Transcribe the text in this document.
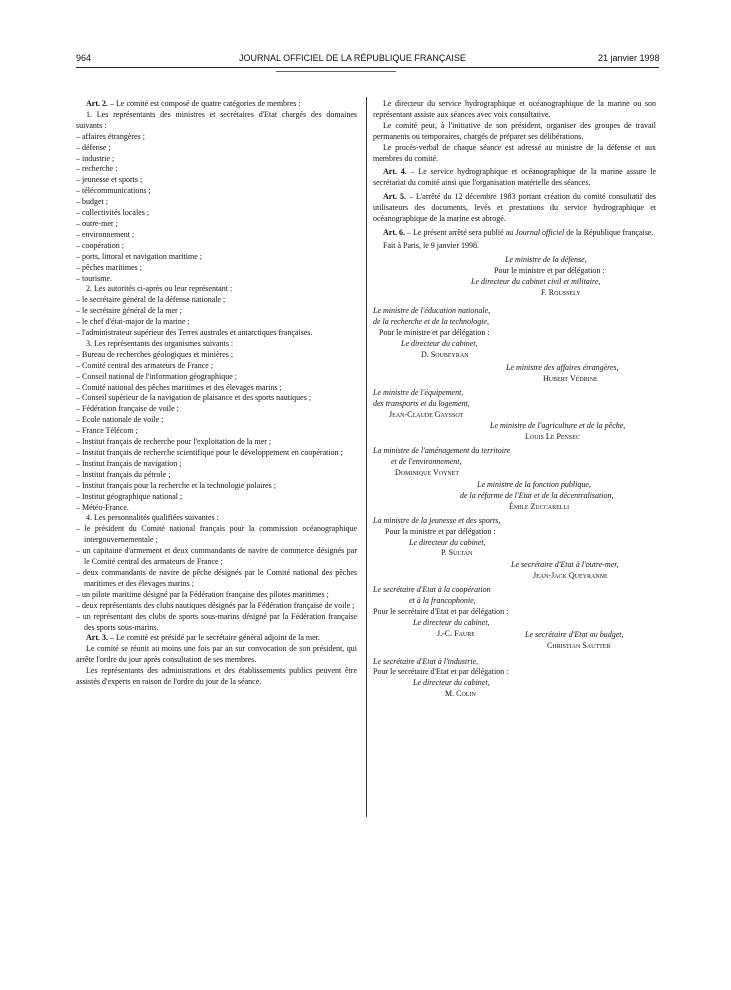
964	JOURNAL OFFICIEL DE LA RÉPUBLIQUE FRANÇAISE	21 janvier 1998

Art. 2. – Le comité est composé de quatre catégories de membres :

1. Les représentants des ministres et secrétaires d'Etat chargés des domaines suivants :

– affaires étrangères ;

– défense ;

– industrie ;

– recherche ;

– jeunesse et sports ;

– télécommunications ;

– budget ;

– collectivités locales ;

– outre-mer ;

– environnement ;

– coopération ;

– ports, littoral et navigation maritime ;

– pêches maritimes ;

– tourisme.

2. Les autorités ci-après ou leur représentant :

– le secrétaire général de la défense nationale ;

– le secrétaire général de la mer ;

– le chef d'état-major de la marine ;

– l'administrateur supérieur des Terres australes et antarctiques françaises.

3. Les représentants des organismes suivants :

– Bureau de recherches géologiques et minières ;

– Comité central des armateurs de France ;

– Conseil national de l'information géographique ;

– Comité national des pêches maritimes et des élevages marins ;

– Conseil supérieur de la navigation de plaisance et des sports nautiques ;

– Fédération française de voile ;

– Ecole nationale de voile ;

– France Télécom ;

– Institut français de recherche pour l'exploitation de la mer ;

– Institut français de recherche scientifique pour le développement en coopération ;

– Institut français de navigation ;

– Institut français du pétrole ;

– Institut français pour la recherche et la technologie polaires ;

– Institut géographique national ;

– Météo-France.

4. Les personnalités qualifiées suivantes :

– le président du Comité national français pour la commission océanographique intergouvernementale ;

– un capitaine d'armement et deux commandants de navire de commerce désignés par le Comité central des armateurs de France ;

– deux commandants de navire de pêche désignés par le Comité national des pêches maritimes et des élevages marins ;

– un pilote maritime désigné par la Fédération française des pilotes maritimes ;

– deux représentants des clubs nautiques désignés par la Fédération française de voile ;

– un représentant des clubs de sports sous-marins désigné par la Fédération française des sports sous-marins.

Art. 3. – Le comité est présidé par le secrétaire général adjoint de la mer.

Le comité se réunit au moins une fois par an sur convocation de son président, qui arrête l'ordre du jour après consultation de ses membres.

Les représentants des administrations et des établissements publics peuvent être assistés d'experts en raison de l'ordre du jour de la séance.

Le directeur du service hydrographique et océanographique de la marine ou son représentant assiste aux séances avec voix consultative.

Le comité peut, à l'initiative de son président, organiser des groupes de travail permanents ou temporaires, chargés de préparer ses délibérations.

Le procès-verbal de chaque séance est adressé au ministre de la défense et aux membres du comité.

Art. 4. – Le service hydrographique et océanographique de la marine assure le secrétariat du comité ainsi que l'organisation matérielle des séances.

Art. 5. – L'arrêté du 12 décembre 1983 portant création du comité consultatif des utilisateurs des documents, levés et prestations du service hydrographique et océanographique de la marine est abrogé.

Art. 6. – Le présent arrêté sera publié au Journal officiel de la République française.

Fait à Paris, le 9 janvier 1998.

Le ministre de la défense,

Pour le ministre et par délégation :

Le directeur du cabinet civil et militaire,

F. Roussely

Le ministre de l'éducation nationale,

de la recherche et de la technologie,

Pour le ministre et par délégation :

Le directeur du cabinet,

D. Soubeyran

Le ministre des affaires étrangères,

Hubert Védrine

Le ministre de l'équipement,

des transports et du logement,

Jean-Claude Gayssot

Le ministre de l'agriculture et de la pêche,

Louis Le Pensec

La ministre de l'aménagement du territoire

et de l'environnement,

Dominique Voynet

Le ministre de la fonction publique,

de la réforme de l'Etat et de la décentralisation,

Émile Zuccarelli

La ministre de la jeunesse et des sports,

Pour la ministre et par délégation :

Le directeur du cabinet,

P. Sultan

Le secrétaire d'Etat à l'outre-mer,

Jean-Jack Queyranne

Le secrétaire d'Etat à la coopération

et à la francophonie,

Pour le secrétaire d'Etat et par délégation :

Le directeur du cabinet,

J.-C. Faure	Le secrétaire d'Etat au budget,

Christian Sautter

Le secrétaire d'Etat à l'industrie,

Pour le secrétaire d'Etat et par délégation :

Le directeur du cabinet,

M. Colin
